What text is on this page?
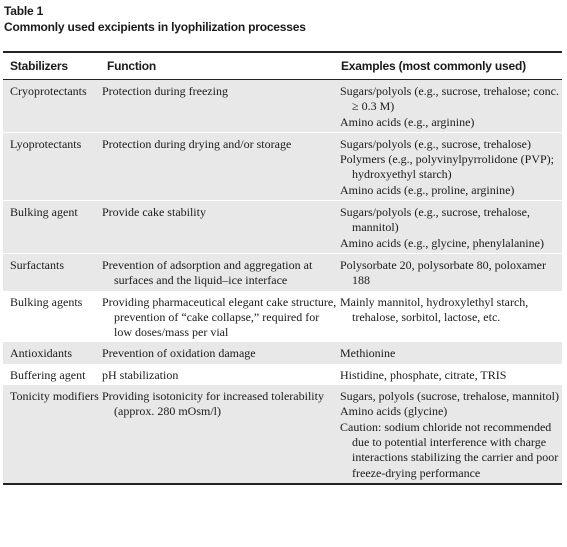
Table 1
Commonly used excipients in lyophilization processes
Stabilizers	Function	Examples (most commonly used)
Cryoprotectants	Protection during freezing	Sugars/polyols (e.g., sucrose, trehalose; conc. ≥ 0.3 M)
Amino acids (e.g., arginine)

Lyoprotectants	Protection during drying and/or storage	Sugars/polyols (e.g., sucrose, trehalose)
Polymers (e.g., polyvinylpyrrolidone (PVP); hydroxyethyl starch)
Amino acids (e.g., proline, arginine)

Bulking agent	Provide cake stability	Sugars/polyols (e.g., sucrose, trehalose, mannitol)
Amino acids (e.g., glycine, phenylalanine)

Surfactants	Prevention of adsorption and aggregation at surfaces and the liquid–ice interface	Polysorbate 20, polysorbate 80, poloxamer 188

Bulking agents	Providing pharmaceutical elegant cake structure, prevention of “cake collapse,” required for low doses/mass per vial	Mainly mannitol, hydroxylethyl starch, trehalose, sorbitol, lactose, etc.

Antioxidants	Prevention of oxidation damage	Methionine

Buffering agent	pH stabilization	Histidine, phosphate, citrate, TRIS

Tonicity modifiers	Providing isotonicity for increased tolerability (approx. 280 mOsm/l)	Sugars, polyols (sucrose, trehalose, mannitol)
Amino acids (glycine)
Caution: sodium chloride not recommended due to potential interference with charge interactions stabilizing the carrier and poor freeze-drying performance
